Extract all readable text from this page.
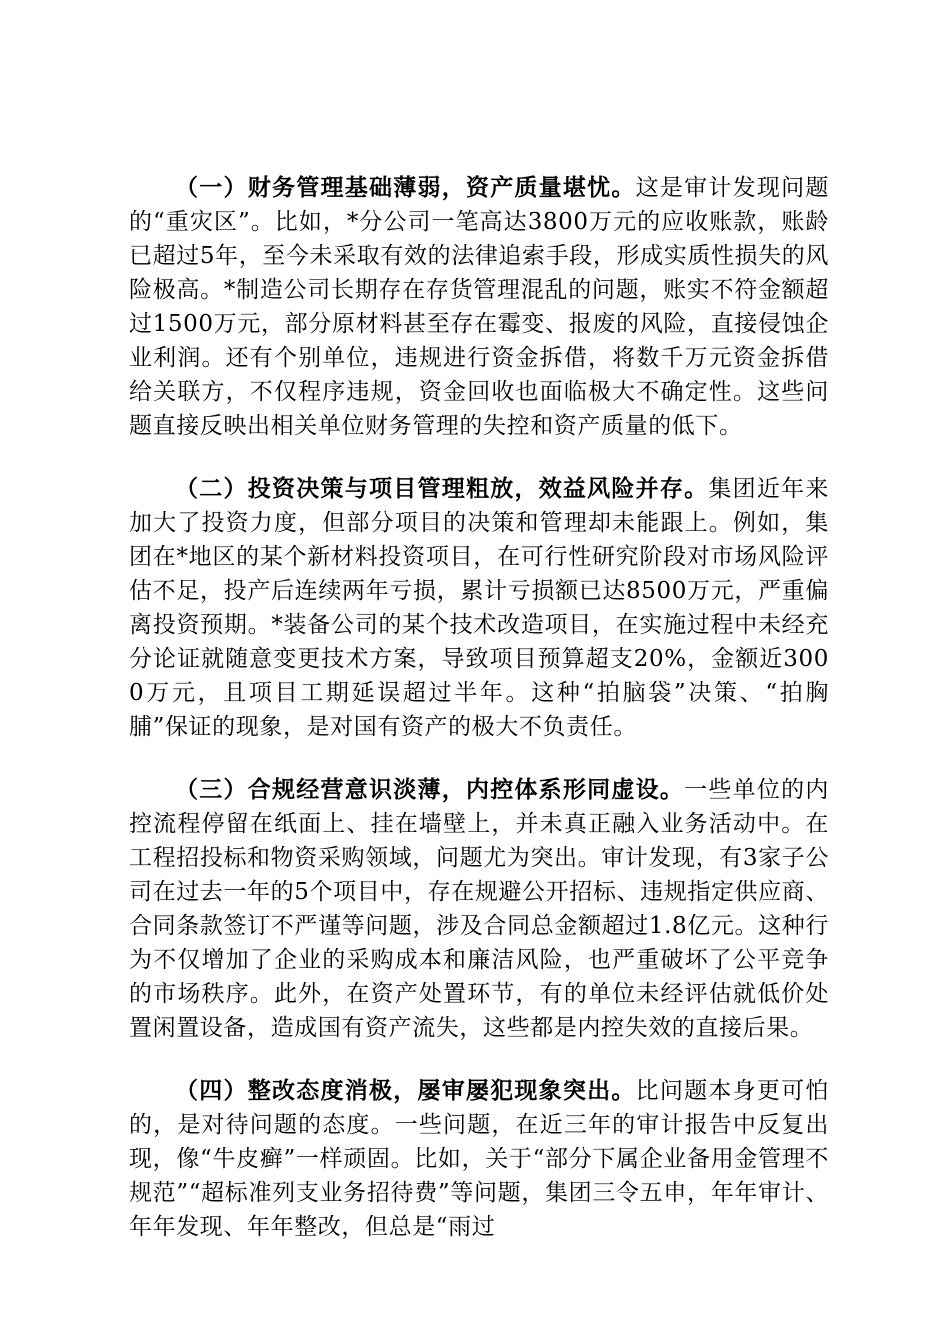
（一）财务管理基础薄弱，资产质量堪忧。这是审计发现问题的“重灾区”。比如，*分公司一笔高达3800万元的应收账款，账龄已超过5年，至今未采取有效的法律追索手段，形成实质性损失的风险极高。*制造公司长期存在存货管理混乱的问题，账实不符金额超过1500万元，部分原材料甚至存在霉变、报废的风险，直接侵蚀企业利润。还有个别单位，违规进行资金拆借，将数千万元资金拆借给关联方，不仅程序违规，资金回收也面临极大不确定性。这些问题直接反映出相关单位财务管理的失控和资产质量的低下。

（二）投资决策与项目管理粗放，效益风险并存。集团近年来加大了投资力度，但部分项目的决策和管理却未能跟上。例如，集团在*地区的某个新材料投资项目，在可行性研究阶段对市场风险评估不足，投产后连续两年亏损，累计亏损额已达8500万元，严重偏离投资预期。*装备公司的某个技术改造项目，在实施过程中未经充分论证就随意变更技术方案，导致项目预算超支20%，金额近3000万元，且项目工期延误超过半年。这种“拍脑袋”决策、“拍胸脯”保证的现象，是对国有资产的极大不负责任。

（三）合规经营意识淡薄，内控体系形同虚设。一些单位的内控流程停留在纸面上、挂在墙壁上，并未真正融入业务活动中。在工程招投标和物资采购领域，问题尤为突出。审计发现，有3家子公司在过去一年的5个项目中，存在规避公开招标、违规指定供应商、合同条款签订不严谨等问题，涉及合同总金额超过1.8亿元。这种行为不仅增加了企业的采购成本和廉洁风险，也严重破坏了公平竞争的市场秩序。此外，在资产处置环节，有的单位未经评估就低价处置闲置设备，造成国有资产流失，这些都是内控失效的直接后果。

（四）整改态度消极，屡审屡犯现象突出。比问题本身更可怕的，是对待问题的态度。一些问题，在近三年的审计报告中反复出现，像“牛皮癣”一样顽固。比如，关于“部分下属企业备用金管理不规范”“超标准列支业务招待费”等问题，集团三令五申，年年审计、年年发现、年年整改，但总是“雨过
